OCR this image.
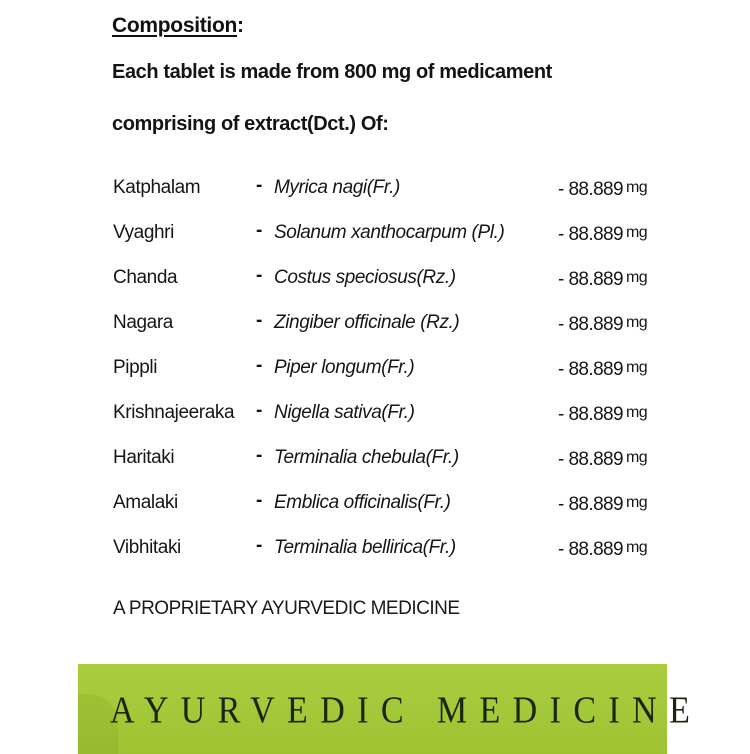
Composition:
Each tablet is made from 800 mg of medicament
comprising of extract(Dct.) Of:
Katphalam	- Myrica nagi(Fr.)	- 88.889 mg
Vyaghri	- Solanum xanthocarpum (Pl.)	- 88.889 mg
Chanda	- Costus speciosus(Rz.)	- 88.889 mg
Nagara	- Zingiber officinale (Rz.)	- 88.889 mg
Pippli	- Piper longum(Fr.)	- 88.889 mg
Krishnajeeraka - Nigella sativa(Fr.)	- 88.889 mg
Haritaki	- Terminalia chebula(Fr.)	- 88.889 mg
Amalaki	- Emblica officinalis(Fr.)	- 88.889 mg
Vibhitaki	- Terminalia bellirica(Fr.)	- 88.889 mg
A PROPRIETARY AYURVEDIC MEDICINE
AYURVEDIC MEDICINE
